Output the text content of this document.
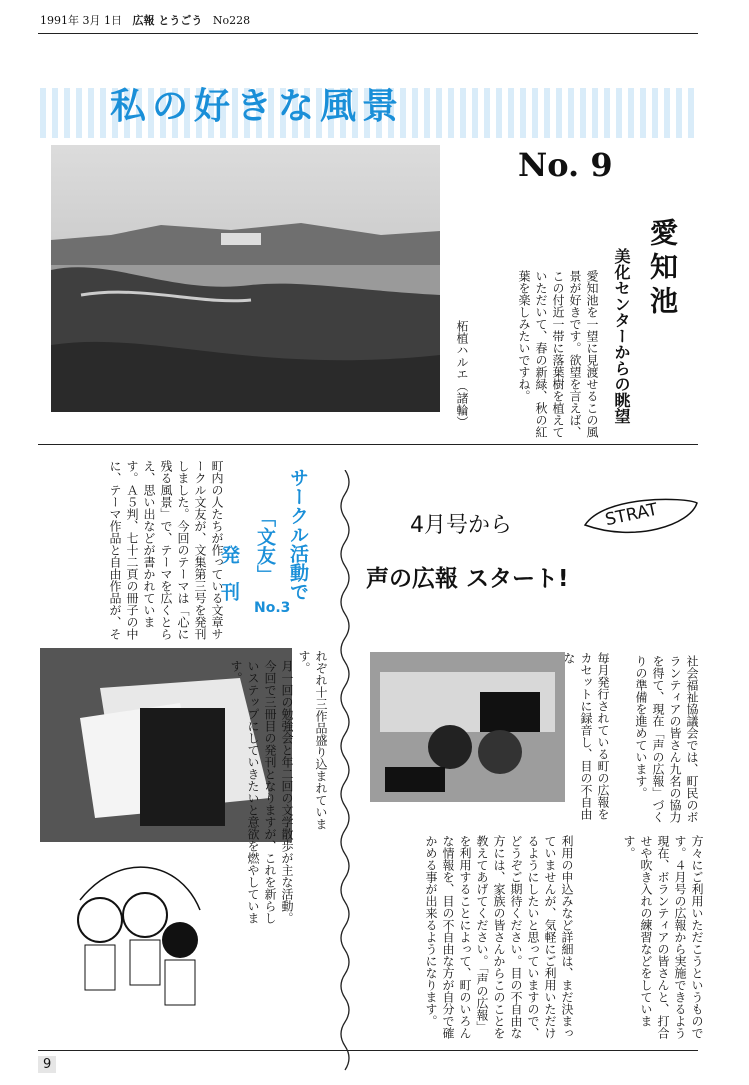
1991年 3月 1日 広報 とうごう No228
私の好きな風景
No. 9
愛知池
美化センターからの眺望
愛知池を一望に見渡せるこの風景が好きです。欲望を言えば、この付近一帯に落葉樹を植えていただいて、春の新緑、秋の紅葉を楽しみたいですね。
柘植ハルエ（諸輪）
町内の人たちが作っている文章サークル文友が、文集第三号を発刊しました。今回のテーマは「心に残る風景」で、テーマを広くとらえ、思い出などが書かれています。Ａ５判、七十二頁の冊子の中に、テーマ作品と自由作品が、そ	サークル活動で
「文友」
発刊 No.3
れぞれ十三作品盛り込まれています。
月一回の勉強会と年二回の文学散歩が主な活動。今回で三冊目の発刊となりますが、これを新らしいステップにしていきたいと意欲を燃やしています。
4月号から	STRAT
声の広報 スタート!
社会福祉協議会では、町民のボランティアの皆さん九名の協力を得て、現在「声の広報」づくりの準備を進めています。
毎月発行されている町の広報をカセットに録音し、目の不自由な
方々にご利用いただこうというものです。４月号の広報から実施できるよう現在、ボランティアの皆さんと、打合せや吹き入れの練習などをしています。
利用の申込みなど詳細は、まだ決まっていませんが、気軽にご利用いただけるようにしたいと思っていますので、どうぞご期待ください。目の不自由な方には、家族の皆さんからこのことを教えてあげてください。「声の広報」を利用することによって、町のいろんな情報を、目の不自由な方が自分で確かめる事が出来るようになります。
9
